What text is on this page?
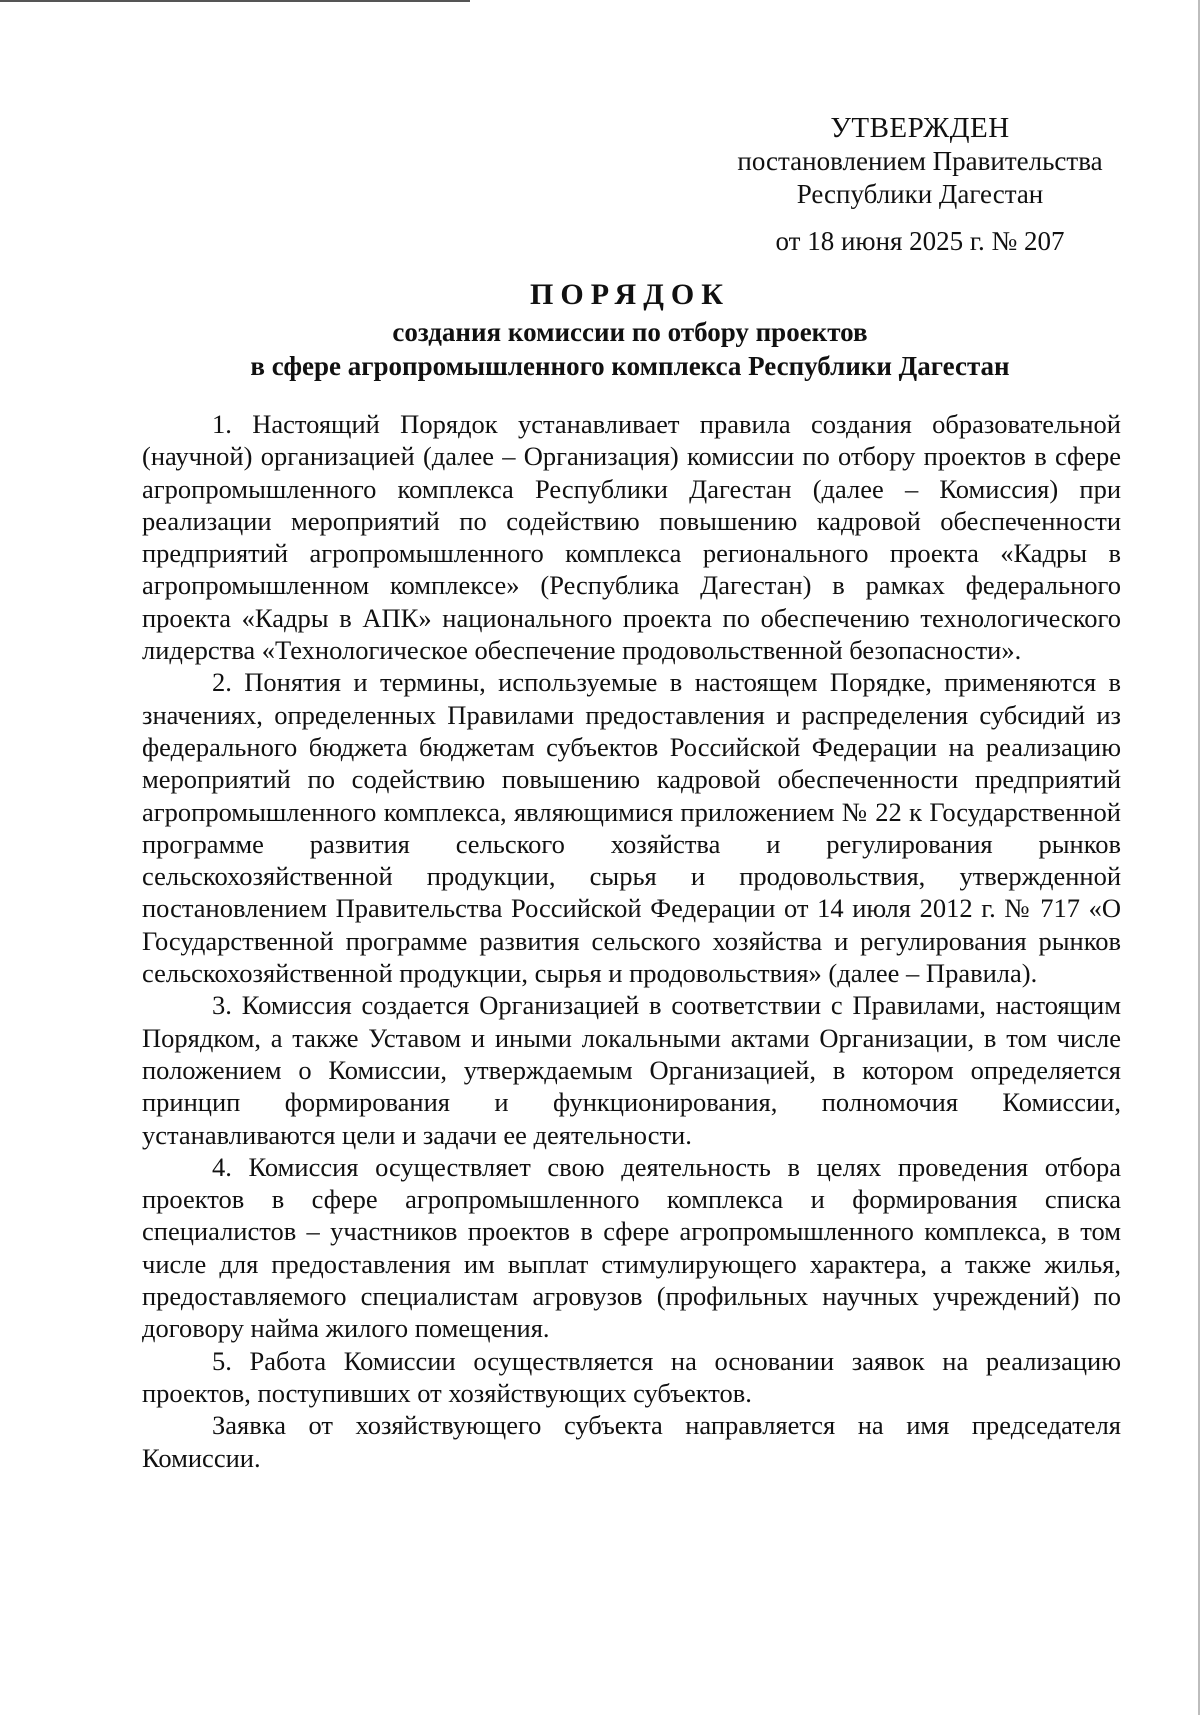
УТВЕРЖДЕН
постановлением Правительства
Республики Дагестан
от 18 июня 2025 г. № 207
ПОРЯДОК
создания комиссии по отбору проектов
в сфере агропромышленного комплекса Республики Дагестан

1. Настоящий Порядок устанавливает правила создания образовательной (научной) организацией (далее – Организация) комиссии по отбору проектов в сфере агропромышленного комплекса Республики Дагестан (далее – Комиссия) при реализации мероприятий по содействию повышению кадровой обеспеченности предприятий агропромышленного комплекса регионального проекта «Кадры в агропромышленном комплексе» (Республика Дагестан) в рамках федерального проекта «Кадры в АПК» национального проекта по обеспечению технологического лидерства «Технологическое обеспечение продовольственной безопасности».

2. Понятия и термины, используемые в настоящем Порядке, применяются в значениях, определенных Правилами предоставления и распределения субсидий из федерального бюджета бюджетам субъектов Российской Федерации на реализацию мероприятий по содействию повышению кадровой обеспеченности предприятий агропромышленного комплекса, являющимися приложением № 22 к Государственной программе развития сельского хозяйства и регулирования рынков сельскохозяйственной продукции, сырья и продовольствия, утвержденной постановлением Правительства Российской Федерации от 14 июля 2012 г. № 717 «О Государственной программе развития сельского хозяйства и регулирования рынков сельскохозяйственной продукции, сырья и продовольствия» (далее – Правила).

3. Комиссия создается Организацией в соответствии с Правилами, настоящим Порядком, а также Уставом и иными локальными актами Организации, в том числе положением о Комиссии, утверждаемым Организацией, в котором определяется принцип формирования и функционирования, полномочия Комиссии, устанавливаются цели и задачи ее деятельности.

4. Комиссия осуществляет свою деятельность в целях проведения отбора проектов в сфере агропромышленного комплекса и формирования списка специалистов – участников проектов в сфере агропромышленного комплекса, в том числе для предоставления им выплат стимулирующего характера, а также жилья, предоставляемого специалистам агровузов (профильных научных учреждений) по договору найма жилого помещения.

5. Работа Комиссии осуществляется на основании заявок на реализацию проектов, поступивших от хозяйствующих субъектов.

Заявка от хозяйствующего субъекта направляется на имя председателя Комиссии.
